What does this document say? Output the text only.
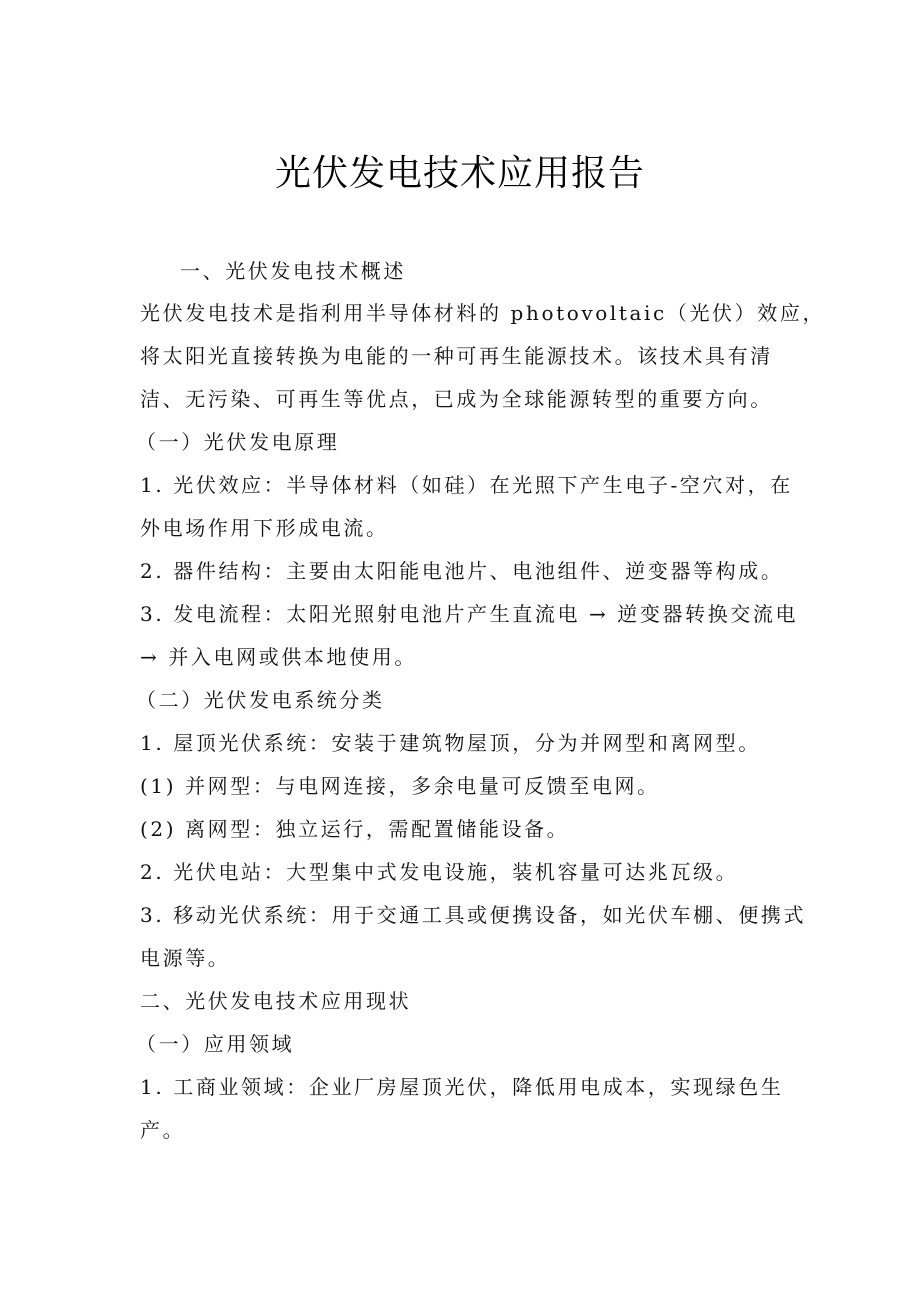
光伏发电技术应用报告
一、光伏发电技术概述
光伏发电技术是指利用半导体材料的 photovoltaic（光伏）效应，
将太阳光直接转换为电能的一种可再生能源技术。该技术具有清
洁、无污染、可再生等优点，已成为全球能源转型的重要方向。
（一）光伏发电原理
1. 光伏效应：半导体材料（如硅）在光照下产生电子-空穴对，在
外电场作用下形成电流。
2. 器件结构：主要由太阳能电池片、电池组件、逆变器等构成。
3. 发电流程：太阳光照射电池片产生直流电 → 逆变器转换交流电
→ 并入电网或供本地使用。
（二）光伏发电系统分类
1. 屋顶光伏系统：安装于建筑物屋顶，分为并网型和离网型。
(1) 并网型：与电网连接，多余电量可反馈至电网。
(2) 离网型：独立运行，需配置储能设备。
2. 光伏电站：大型集中式发电设施，装机容量可达兆瓦级。
3. 移动光伏系统：用于交通工具或便携设备，如光伏车棚、便携式
电源等。
二、光伏发电技术应用现状
（一）应用领域
1. 工商业领域：企业厂房屋顶光伏，降低用电成本，实现绿色生
产。
